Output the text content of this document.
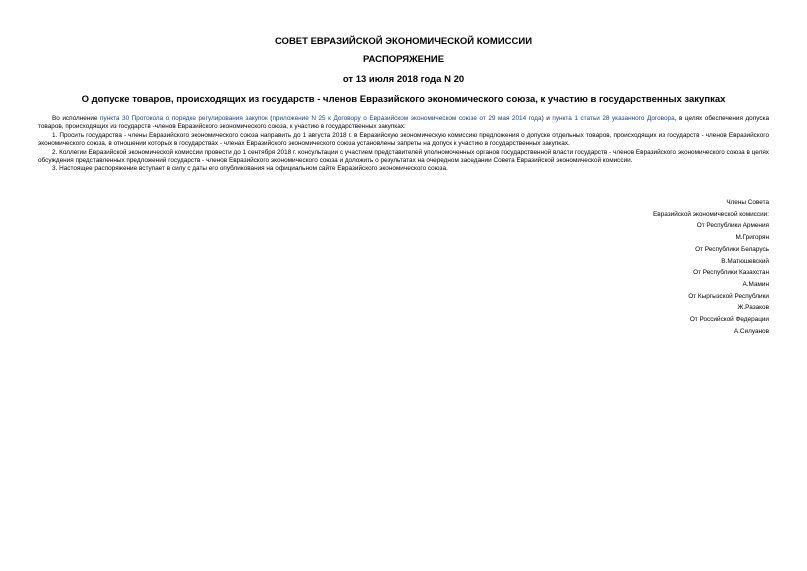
СОВЕТ ЕВРАЗИЙСКОЙ ЭКОНОМИЧЕСКОЙ КОМИССИИ
РАСПОРЯЖЕНИЕ
от 13 июля 2018 года N 20
О допуске товаров, происходящих из государств - членов Евразийского экономического союза, к участию в государственных закупках

Во исполнение пункта 30 Протокола о порядке регулирования закупок (приложение N 25 к Договору о Евразийском экономическом союзе от 29 мая 2014 года) и пункта 1 статьи 28 указанного Договора, в целях обеспечения допуска товаров, происходящих из государств -членов Евразийского экономического союза, к участию в государственных закупках:

1. Просить государства - члены Евразийского экономического союза направить до 1 августа 2018 г. в Евразийскую экономическую комиссию предложения о допуске отдельных товаров, происходящих из государств - членов Евразийского экономического союза, в отношении которых в государствах - членах Евразийского экономического союза установлены запреты на допуск к участию в государственных закупках.

2. Коллегии Евразийской экономической комиссии провести до 1 сентября 2018 г. консультации с участием представителей уполномоченных органов государственной власти государств - членов Евразийского экономического союза в целях обсуждения представленных предложений государств - членов Евразийского экономического союза и доложить о результатах на очередном заседании Совета Евразийской экономической комиссии.

3. Настоящее распоряжение вступает в силу с даты его опубликования на официальном сайте Евразийского экономического союза.

Члены Совета
Евразийской экономической комиссии:
От Республики Армения
М.Григорян
От Республики Беларусь
В.Матюшевский
От Республики Казахстан
А.Мамин
От Кыргызской Республики
Ж.Разаков
От Российской Федерации
А.Силуанов
